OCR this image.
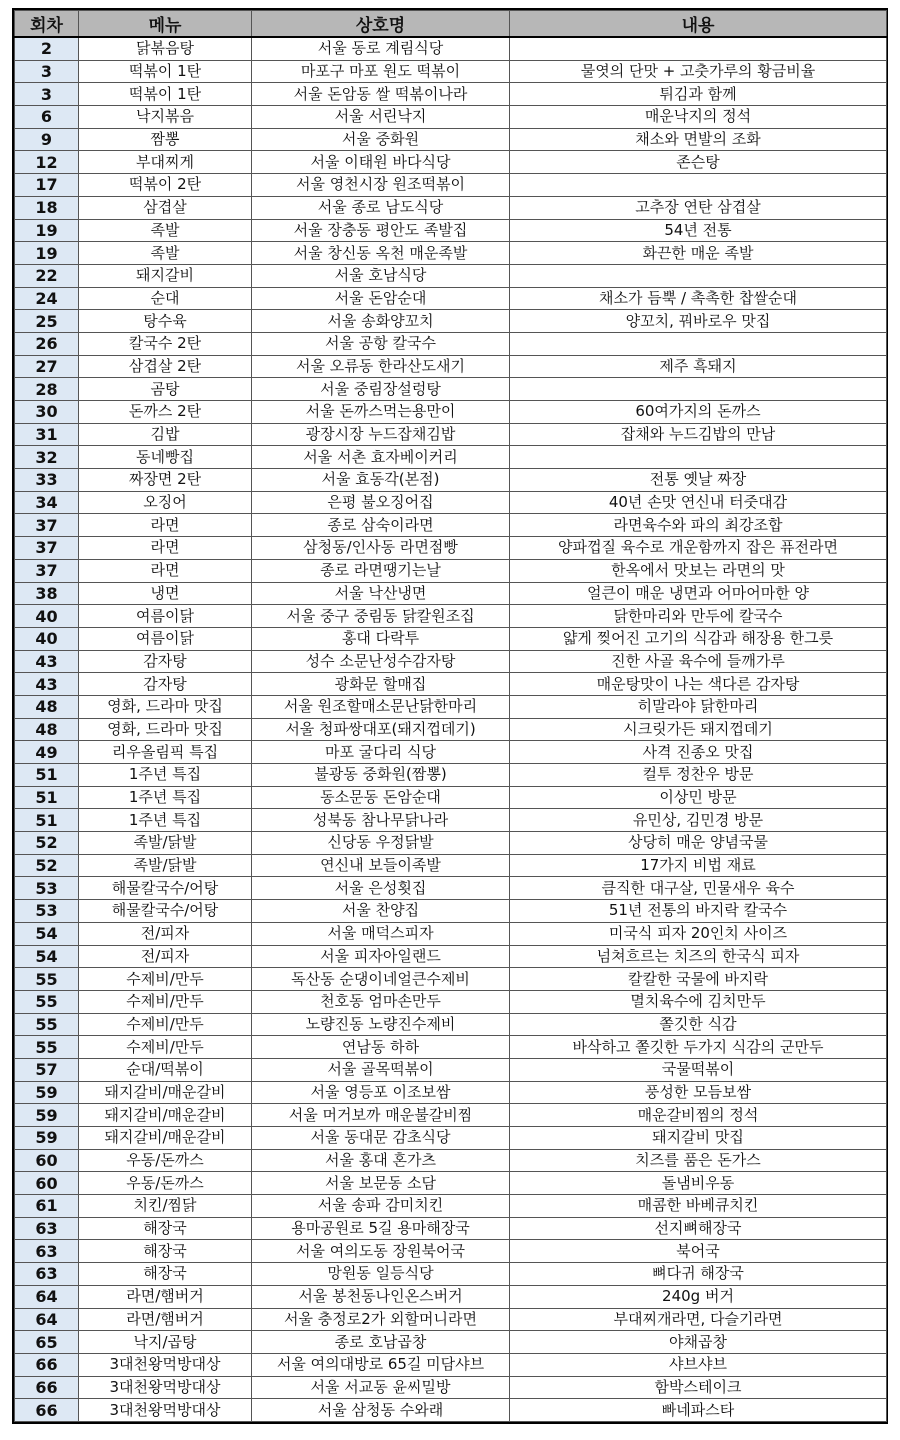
회차	메뉴	상호명	내용
2	닭볶음탕	서울 동로 계림식당	
3	떡볶이 1탄	마포구 마포 원도 떡볶이	물엿의 단맛 + 고춧가루의 황금비율
3	떡볶이 1탄	서울 돈암동 쌀 떡볶이나라	튀김과 함께
6	낙지볶음	서울 서린낙지	매운낙지의 정석
9	짬뽕	서울 중화원	채소와 면발의 조화
12	부대찌게	서울 이태원 바다식당	존슨탕
17	떡볶이 2탄	서울 영천시장 원조떡볶이	
18	삼겹살	서울 종로 남도식당	고추장 연탄 삼겹살
19	족발	서울 장충동 평안도 족발집	54년 전통
19	족발	서울 창신동 옥천 매운족발	화끈한 매운 족발
22	돼지갈비	서울 호남식당	
24	순대	서울 돈암순대	채소가 듬뿍 / 촉촉한 찹쌀순대
25	탕수육	서울 송화양꼬치	양꼬치, 꿔바로우 맛집
26	칼국수 2탄	서울 공항 칼국수	
27	삼겹살 2탄	서울 오류동 한라산도새기	제주 흑돼지
28	곰탕	서울 중림장설렁탕	
30	돈까스 2탄	서울 돈까스먹는용만이	60여가지의 돈까스
31	김밥	광장시장 누드잡채김밥	잡채와 누드김밥의 만남
32	동네빵집	서울 서촌 효자베이커리	
33	짜장면 2탄	서울 효동각(본점)	전통 옛날 짜장
34	오징어	은평 불오징어집	40년 손맛 연신내 터줏대감
37	라면	종로 삼숙이라면	라면육수와 파의 최강조합
37	라면	삼청동/인사동 라면점빵	양파껍질 육수로 개운함까지 잡은 퓨전라면
37	라면	종로 라면땡기는날	한옥에서 맛보는 라면의 맛
38	냉면	서울 낙산냉면	얼큰이 매운 냉면과 어마어마한 양
40	여름이닭	서울 중구 중림동 닭칼원조집	닭한마리와 만두에 칼국수
40	여름이닭	홍대 다락투	얇게 찢어진 고기의 식감과 해장용 한그릇
43	감자탕	성수 소문난성수감자탕	진한 사골 육수에 들깨가루
43	감자탕	광화문 할매집	매운탕맛이 나는 색다른 감자탕
48	영화, 드라마 맛집	서울 원조할매소문난닭한마리	히말라야 닭한마리
48	영화, 드라마 맛집	서울 청파쌍대포(돼지껍데기)	시크릿가든 돼지껍데기
49	리우올림픽 특집	마포 굴다리 식당	사격 진종오 맛집
51	1주년 특집	불광동 중화원(짬뽕)	컬투 정찬우 방문
51	1주년 특집	동소문동 돈암순대	이상민 방문
51	1주년 특집	성북동 참나무닭나라	유민상, 김민경 방문
52	족발/닭발	신당동 우정닭발	상당히 매운 양념국물
52	족발/닭발	연신내 보들이족발	17가지 비법 재료
53	해물칼국수/어탕	서울 은성횟집	큼직한 대구살, 민물새우 육수
53	해물칼국수/어탕	서울 찬양집	51년 전통의 바지락 칼국수
54	전/피자	서울 매덕스피자	미국식 피자 20인치 사이즈
54	전/피자	서울 피자아일랜드	넘쳐흐르는 치즈의 한국식 피자
55	수제비/만두	독산동 순댕이네얼큰수제비	칼칼한 국물에 바지락
55	수제비/만두	천호동 엄마손만두	멸치육수에 김치만두
55	수제비/만두	노량진동 노량진수제비	쫄깃한 식감
55	수제비/만두	연남동 하하	바삭하고 쫄깃한 두가지 식감의 군만두
57	순대/떡볶이	서울 골목떡볶이	국물떡볶이
59	돼지갈비/매운갈비	서울 영등포 이조보쌈	풍성한 모듬보쌈
59	돼지갈비/매운갈비	서울 머거보까 매운불갈비찜	매운갈비찜의 정석
59	돼지갈비/매운갈비	서울 동대문 감초식당	돼지갈비 맛집
60	우동/돈까스	서울 홍대 혼가츠	치즈를 품은 돈가스
60	우동/돈까스	서울 보문동 소담	돌냄비우동
61	치킨/찜닭	서울 송파 감미치킨	매콤한 바베큐치킨
63	해장국	용마공원로 5길 용마해장국	선지뼈해장국
63	해장국	서울 여의도동 장원북어국	북어국
63	해장국	망원동 일등식당	뼈다귀 해장국
64	라면/햄버거	서울 봉천동나인온스버거	240g 버거
64	라면/햄버거	서울 충정로2가 외할머니라면	부대찌개라면, 다슬기라면
65	낙지/곱탕	종로 호남곱창	야채곱창
66	3대천왕먹방대상	서울 여의대방로 65길 미담샤브	샤브샤브
66	3대천왕먹방대상	서울 서교동 윤씨밀방	함박스테이크
66	3대천왕먹방대상	서울 삼청동 수와래	빠네파스타
